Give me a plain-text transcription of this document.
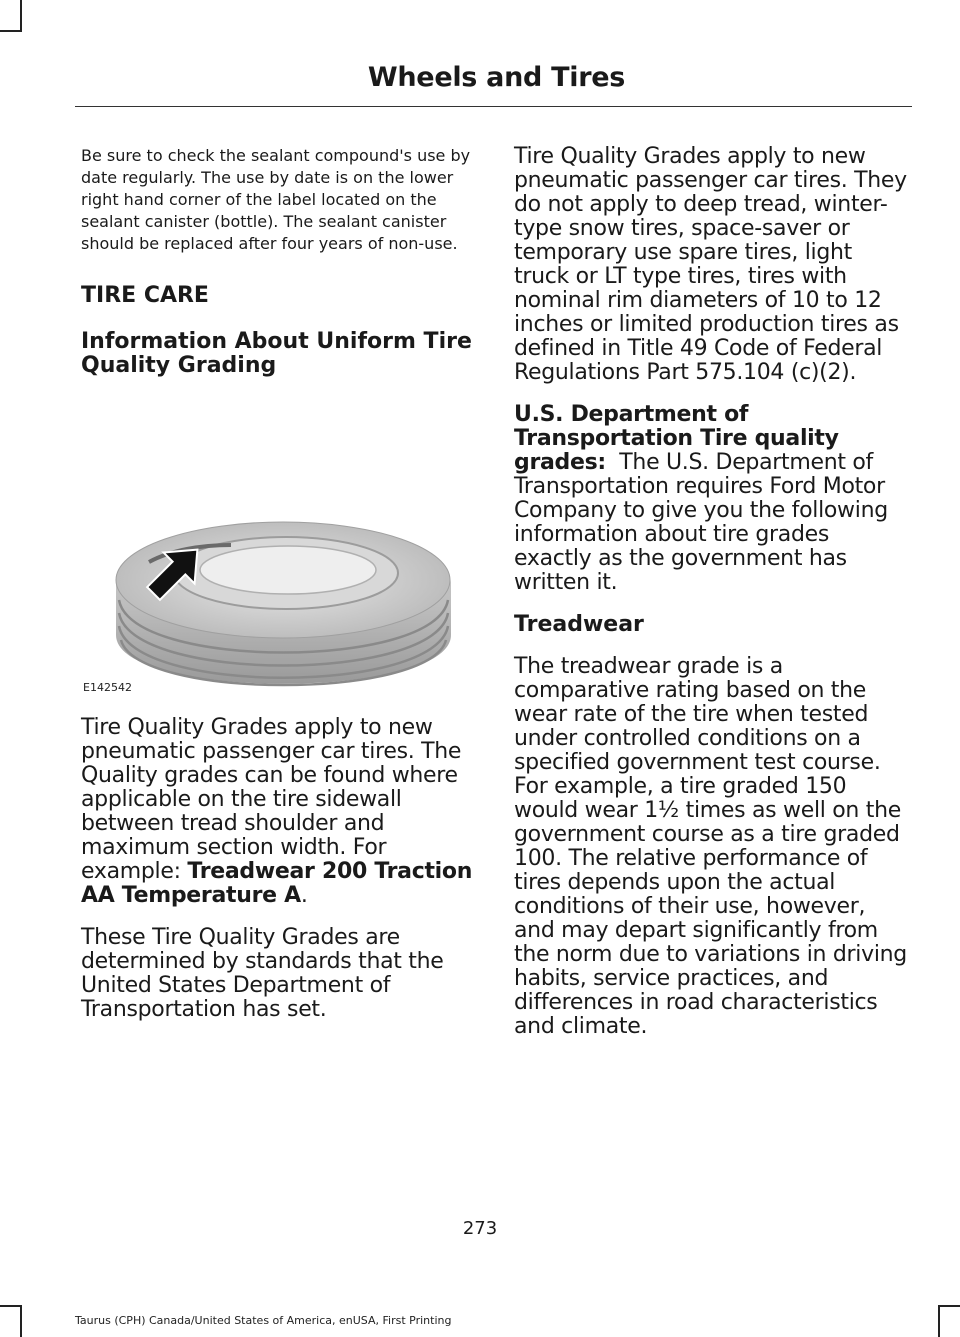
Wheels and Tires

Be sure to check the sealant compound's use by date regularly. The use by date is on the lower right hand corner of the label located on the sealant canister (bottle). The sealant canister should be replaced after four years of non-use.

TIRE CARE
Information About Uniform Tire Quality Grading
E142542

Tire Quality Grades apply to new pneumatic passenger car tires. The Quality grades can be found where applicable on the tire sidewall between tread shoulder and maximum section width. For example: Treadwear 200 Traction AA Temperature A.

These Tire Quality Grades are determined by standards that the United States Department of Transportation has set.

Tire Quality Grades apply to new pneumatic passenger car tires. They do not apply to deep tread, winter-type snow tires, space-saver or temporary use spare tires, light truck or LT type tires, tires with nominal rim diameters of 10 to 12 inches or limited production tires as defined in Title 49 Code of Federal Regulations Part 575.104 (c)(2).

U.S. Department of Transportation Tire quality grades: The U.S. Department of Transportation requires Ford Motor Company to give you the following information about tire grades exactly as the government has written it.

Treadwear

The treadwear grade is a comparative rating based on the wear rate of the tire when tested under controlled conditions on a specified government test course. For example, a tire graded 150 would wear 1½ times as well on the government course as a tire graded 100. The relative performance of tires depends upon the actual conditions of their use, however, and may depart significantly from the norm due to variations in driving habits, service practices, and differences in road characteristics and climate.

273
Taurus (CPH) Canada/United States of America, enUSA, First Printing
